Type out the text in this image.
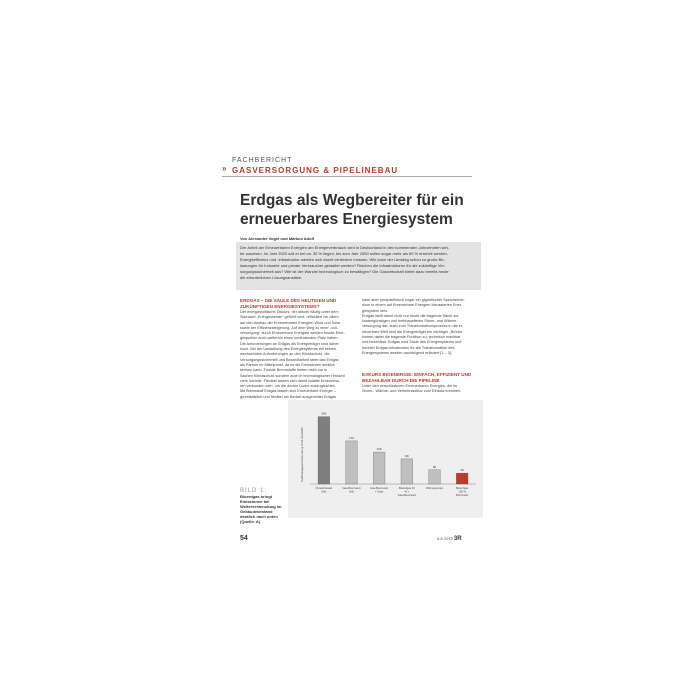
FACHBERICHT
» GASVERSORGUNG & PIPELINEBAU
Erdgas als Wegbereiter für ein
erneuerbares Energiesystem
Von Alexander Vogel und Markus Adolf
Der Anteil der Erneuerbaren Energien am Energieverbrauch wird in Deutschland in den kommenden Jahrzehnten wei-
ter wachsen. Im Jahr 2020 soll er bei ca. 30 % liegen, bis zum Jahr 2050 sollen sogar mehr als 60 % erreicht werden.
Energieeffizienz und -infrastruktur werden sich damit verändern müssen. Wie kann der Umstieg schon zu große Be-
lastungen für Industrie und private Verbraucher gestaltet werden? Reichen die Infrastrukturen für die zukünftige Ver-
sorgungssicherheit aus? Wie ist der Wandel technologisch zu bewältigen? Die Gaswirtschaft bietet dazu bereits heute
die erforderlichen Lösungsansätze.
ERDGAS – DIE SÄULE DES HEUTIGEN UND ZUKÜNFTIGEN ENERGIESYSTEMS?
Der energiepolitische Diskurs, der aktuell häufig unter dem
Stichwort „Energiewende“ geführt wird, reflektiert vor allem
auf den Ausbau der Erneuerbaren Energien Wind und Solar
sowie der Effizienzsteigerung. Auf dem Weg zu einer „voll-
versorgung“ durch Erneuerbare Energien werden fossile Ener-
giequellen auch weiterhin einen bedeutenden Platz haben.
Die Anforderungen an Erdgas als Energieträger sind daher
hoch. Bei der Umstellung des Energiesystems mit seinen
wechselnden Anforderungen an den Klimaschutz, die
Versorgungssicherheit und Bezahlbarkeit steht das Erdgas
als Partner im Mittelpunkt, da es die Emissionen deutlich
senken kann. Fossile Brennstoffe bieten nicht nur in
Sachen Klimaschutz sondern auch in technologischer Hinsicht
viele Vorteile. Flexibel lassen sich damit volatile Erneuerba-
ren verbunden sein, um die dunkle Lücke auszugleichen.
Mit Brennstoff Erdgas lassen sich Erneuerbare Energie –
grundsätzlich und flexibel am Bedarf ausgerichtet Erdgas
kann aber perspektivisch sogar ein gigantischer Speicherme-
dium in einem auf Erneuerbare Energien fokussierten Ener-
giesystem sein.
Erdgas stellt damit nicht nur heute die tragende Säule zur
kostengünstigen und treibhausfreien Strom- und Wärme-
versorgung dar, auch zum Transformationsprozess in die er-
neuerbare Welt sind die Energieträger ein wichtiger „Brücke
kommt dabei die tragende Funktion zu: technisch machbar
und bezahlbar. Erdgas wird Säule des Energiesystems und
bereitet Erdgas-Infrastruktur für die Transformation des
Energiesystems werden nachfolgend erläutert [1 – 3].
EXKURS BIOENERGIE: EINFACH, EFFIZIENT UND BEZAHLBAR DURCH DIE PIPELINE
Unter den verschiedenen Erneuerbaren Energien, die im
Strom-, Wärme- und Verkehrssektor zum Einsatz kommen,
BILD 1: Bioerdgas bringt Emissionen bei Weiterverwendung im Gebäudebestand deutlich nach unten (Quelle: A)
Treibhausgasemissionen g CO2-Äq./kWh
266
Öl-Heizkessel
(Alt)
170
Gas-Brennwert
(Alt)
126
Gas-Brennwert
+ Solar
99
Bioerdgas 10
% +
Gas-Brennwert
56
Wärmepumpe
43
Bioerdgas
100 %
Brennwert
54	5-6 2013 3R
